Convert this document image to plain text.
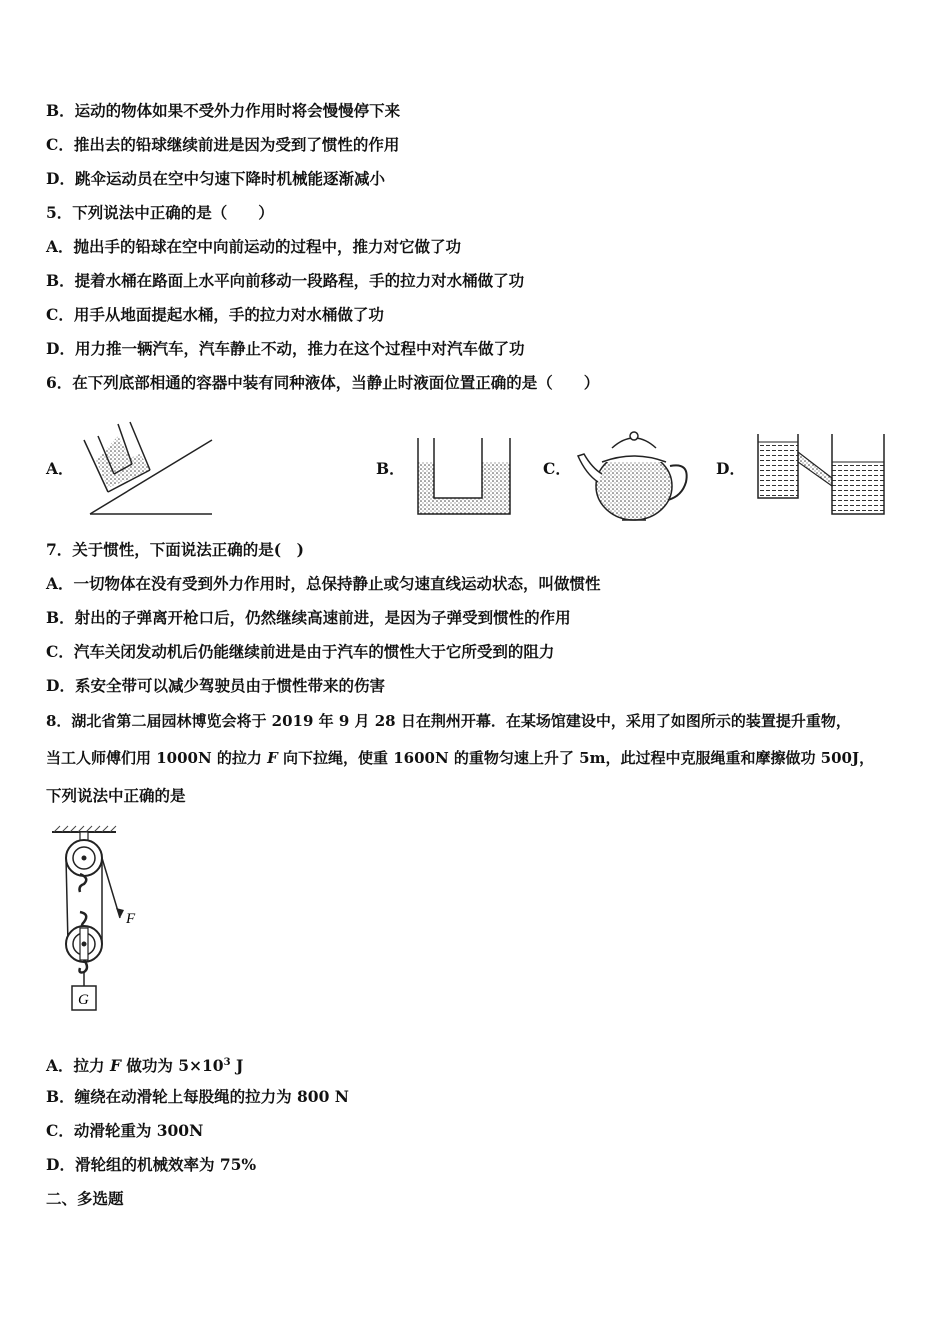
B．运动的物体如果不受外力作用时将会慢慢停下来
C．推出去的铅球继续前进是因为受到了惯性的作用
D．跳伞运动员在空中匀速下降时机械能逐渐减小
5．下列说法中正确的是（　　）
A．抛出手的铅球在空中向前运动的过程中，推力对它做了功
B．提着水桶在路面上水平向前移动一段路程，手的拉力对水桶做了功
C．用手从地面提起水桶，手的拉力对水桶做了功
D．用力推一辆汽车，汽车静止不动，推力在这个过程中对汽车做了功
6．在下列底部相通的容器中装有同种液体，当静止时液面位置正确的是（　　）
A．	B．	C．	D．
7．关于惯性，下面说法正确的是(　)
A．一切物体在没有受到外力作用时，总保持静止或匀速直线运动状态，叫做惯性
B．射出的子弹离开枪口后，仍然继续高速前进，是因为子弹受到惯性的作用
C．汽车关闭发动机后仍能继续前进是由于汽车的惯性大于它所受到的阻力
D．系安全带可以减少驾驶员由于惯性带来的伤害
8．湖北省第二届园林博览会将于 2019 年 9 月 28 日在荆州开幕．在某场馆建设中，采用了如图所示的装置提升重物，
当工人师傅们用 1000N 的拉力 F 向下拉绳，使重 1600N 的重物匀速上升了 5m，此过程中克服绳重和摩擦做功 500J，
下列说法中正确的是
F
G
A．拉力 F 做功为 $5\times 10^3$ J
B．缠绕在动滑轮上每股绳的拉力为 800 N
C．动滑轮重为 300N
D．滑轮组的机械效率为 75%
二、多选题
